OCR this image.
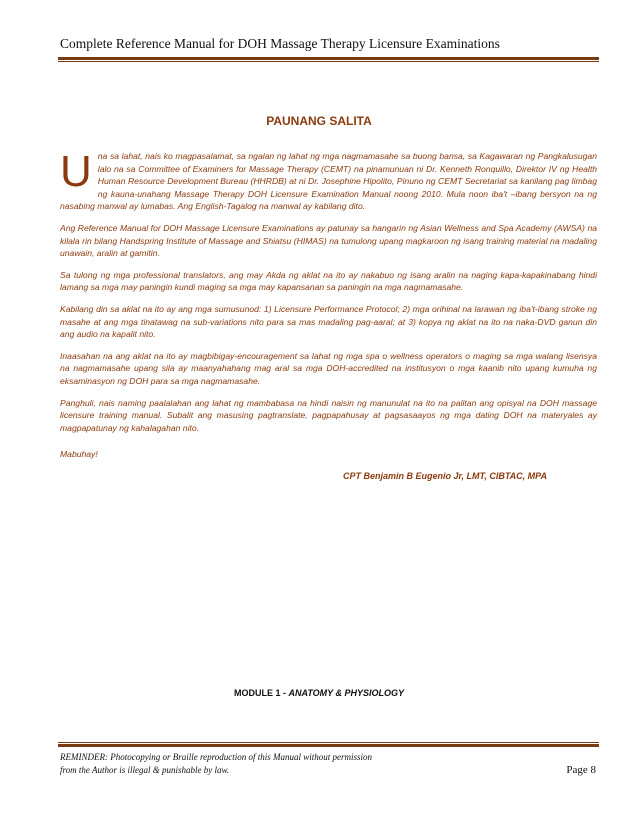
Complete Reference Manual for DOH Massage Therapy Licensure Examinations
PAUNANG SALITA

Una sa lahat, nais ko magpasalamat, sa ngalan ng lahat ng mga nagmamasahe sa buong bansa, sa Kagawaran ng Pangkalusugan lalo na sa Committee of Examiners for Massage Therapy (CEMT) na pinamunuan ni Dr. Kenneth Ronquillo, Direktor IV ng Health Human Resource Development Bureau (HHRDB) at ni Dr. Josephine Hipolito, Pinuno ng CEMT Secretariat sa kanilang pag limbag ng kauna-unahang Massage Therapy DOH Licensure Examination Manual noong 2010. Mula noon iba't –ibang bersyon na ng nasabing manwal ay lumabas. Ang English-Tagalog na manwal ay kabilang dito.

Ang Reference Manual for DOH Massage Licensure Examinations ay patunay sa hangarin ng Asian Wellness and Spa Academy (AWSA) na kilala rin bilang Handspring Institute of Massage and Shiatsu (HIMAS) na tumulong upang magkaroon ng isang training material na madaling unawain, aralin at gamitin.

Sa tulong ng mga professional translators, ang may Akda ng aklat na ito ay nakabuo ng isang aralin na naging kapa-kapakinabang hindi lamang sa mga may paningin kundi maging sa mga may kapansanan sa paningin na mga nagmamasahe.

Kabilang din sa aklat na ito ay ang mga sumusunod: 1) Licensure Performance Protocol; 2) mga orihinal na larawan ng iba't-ibang stroke ng masahe at ang mga tinatawag na sub-variations nito para sa mas madaling pag-aaral; at 3) kopya ng aklat na ito na naka-DVD ganun din ang audio na kapalit nito.

Inaasahan na ang aklat na ito ay magbibigay-encouragement sa lahat ng mga spa o wellness operators o maging sa mga walang lisensya na nagmamasahe upang sila ay maanyahahang mag aral sa mga DOH-accredited na institusyon o mga kaanib nito upang kumuha ng eksaminasyon ng DOH para sa mga nagmamasahe.

Panghuli, nais naming paalalahan ang lahat ng mambabasa na hindi naisin ng manunulat na ito na palitan ang opisyal na DOH massage licensure training manual. Subalit ang masusing pagtranslate, pagpapahusay at pagsasaayos ng mga dating DOH na materyales ay magpapatunay ng kahalagahan nito.

Mabuhay!

CPT Benjamin B Eugenio Jr, LMT, CIBTAC, MPA
MODULE 1 - ANATOMY & PHYSIOLOGY
REMINDER: Photocopying or Braille reproduction of this Manual without permission
from the Author is illegal & punishable by law.	Page 8
